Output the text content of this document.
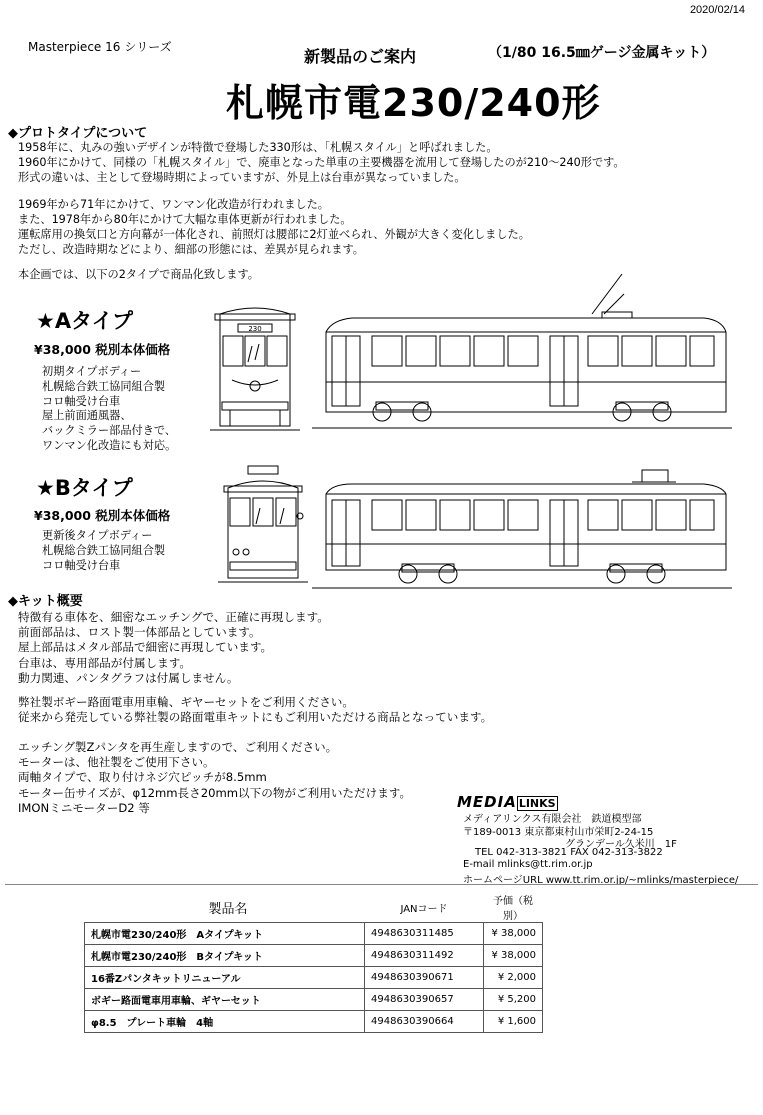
2020/02/14
Masterpiece 16 シリーズ	新製品のご案内	（1/80 16.5㎜ゲージ金属キット）
札幌市電230/240形
◆プロトタイプについて
1958年に、丸みの強いデザインが特徴で登場した330形は、「札幌スタイル」と呼ばれました。
1960年にかけて、同様の「札幌スタイル」で、廃車となった単車の主要機器を流用して登場したのが210〜240形です。
形式の違いは、主として登場時期によっていますが、外見上は台車が異なっていました。
1969年から71年にかけて、ワンマン化改造が行われました。
また、1978年から80年にかけて大幅な車体更新が行われました。
運転席用の換気口と方向幕が一体化され、前照灯は腰部に2灯並べられ、外観が大きく変化しました。
ただし、改造時期などにより、細部の形態には、差異が見られます。
本企画では、以下の2タイプで商品化致します。
★Aタイプ
¥38,000 税別本体価格
初期タイプボディー
札幌総合鉄工協同組合製
コロ軸受け台車
屋上前面通風器、
バックミラー部品付きで、
ワンマン化改造にも対応。
230
★Bタイプ
¥38,000 税別本体価格
更新後タイプボディー
札幌総合鉄工協同組合製
コロ軸受け台車
◆キット概要
特徴有る車体を、細密なエッチングで、正確に再現します。
前面部品は、ロスト製一体部品としています。
屋上部品はメタル部品で細密に再現しています。
台車は、専用部品が付属します。
動力関連、パンタグラフは付属しません。
弊社製ボギー路面電車用車輪、ギヤーセットをご利用ください。
従来から発売している弊社製の路面電車キットにもご利用いただける商品となっています。
エッチング製Zパンタを再生産しますので、ご利用ください。
モーターは、他社製をご使用下さい。
両軸タイプで、取り付けネジ穴ピッチが8.5mm
モーター缶サイズが、φ12mm長さ20mm以下の物がご利用いただけます。
IMONミニモーターD2 等	MEDIA LINKS
メディアリンクス有限会社　鉄道模型部
〒189-0013 東京都東村山市栄町2-24-15
グランデール久米川　1F
TEL 042-313-3821 FAX 042-313-3822
E-mail mlinks@tt.rim.or.jp
ホームページURL www.tt.rim.or.jp/~mlinks/masterpiece/
製品名	JANコード	予価（税別）
札幌市電230/240形　Aタイプキット	4948630311485	¥ 38,000
札幌市電230/240形　Bタイプキット	4948630311492	¥ 38,000
16番Zパンタキットリニューアル	4948630390671	¥ 2,000
ボギー路面電車用車輪、ギヤーセット	4948630390657	¥ 5,200
φ8.5　プレート車輪　4軸	4948630390664	¥ 1,600
